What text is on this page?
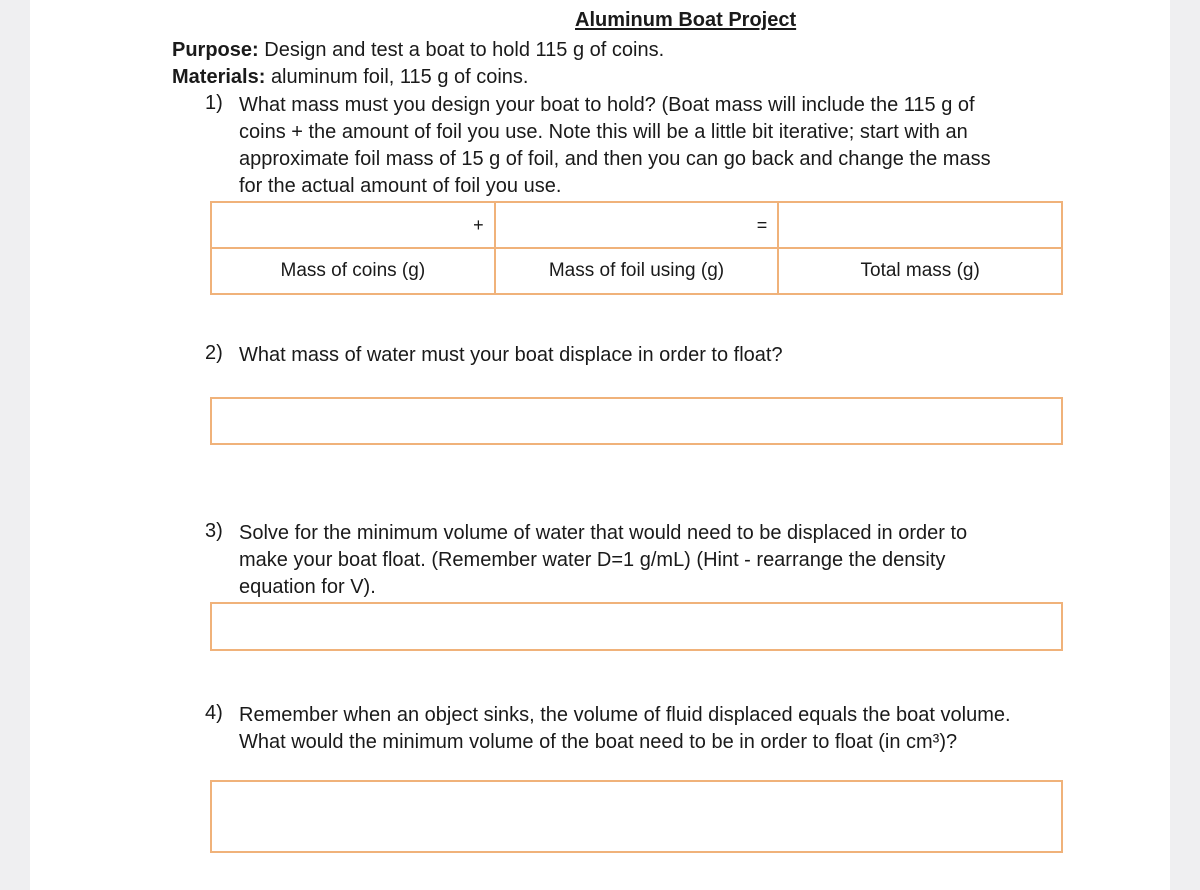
Aluminum Boat Project
Purpose: Design and test a boat to hold 115 g of coins.
Materials: aluminum foil, 115 g of coins.
1) What mass must you design your boat to hold? (Boat mass will include the 115 g of
coins + the amount of foil you use. Note this will be a little bit iterative; start with an
approximate foil mass of 15 g of foil, and then you can go back and change the mass
for the actual amount of foil you use.
+	=	
Mass of coins (g)	Mass of foil using (g)	Total mass (g)
2) What mass of water must your boat displace in order to float?
3) Solve for the minimum volume of water that would need to be displaced in order to
make your boat float. (Remember water D=1 g/mL) (Hint - rearrange the density
equation for V).
4) Remember when an object sinks, the volume of fluid displaced equals the boat volume.
What would the minimum volume of the boat need to be in order to float (in cm³)?
